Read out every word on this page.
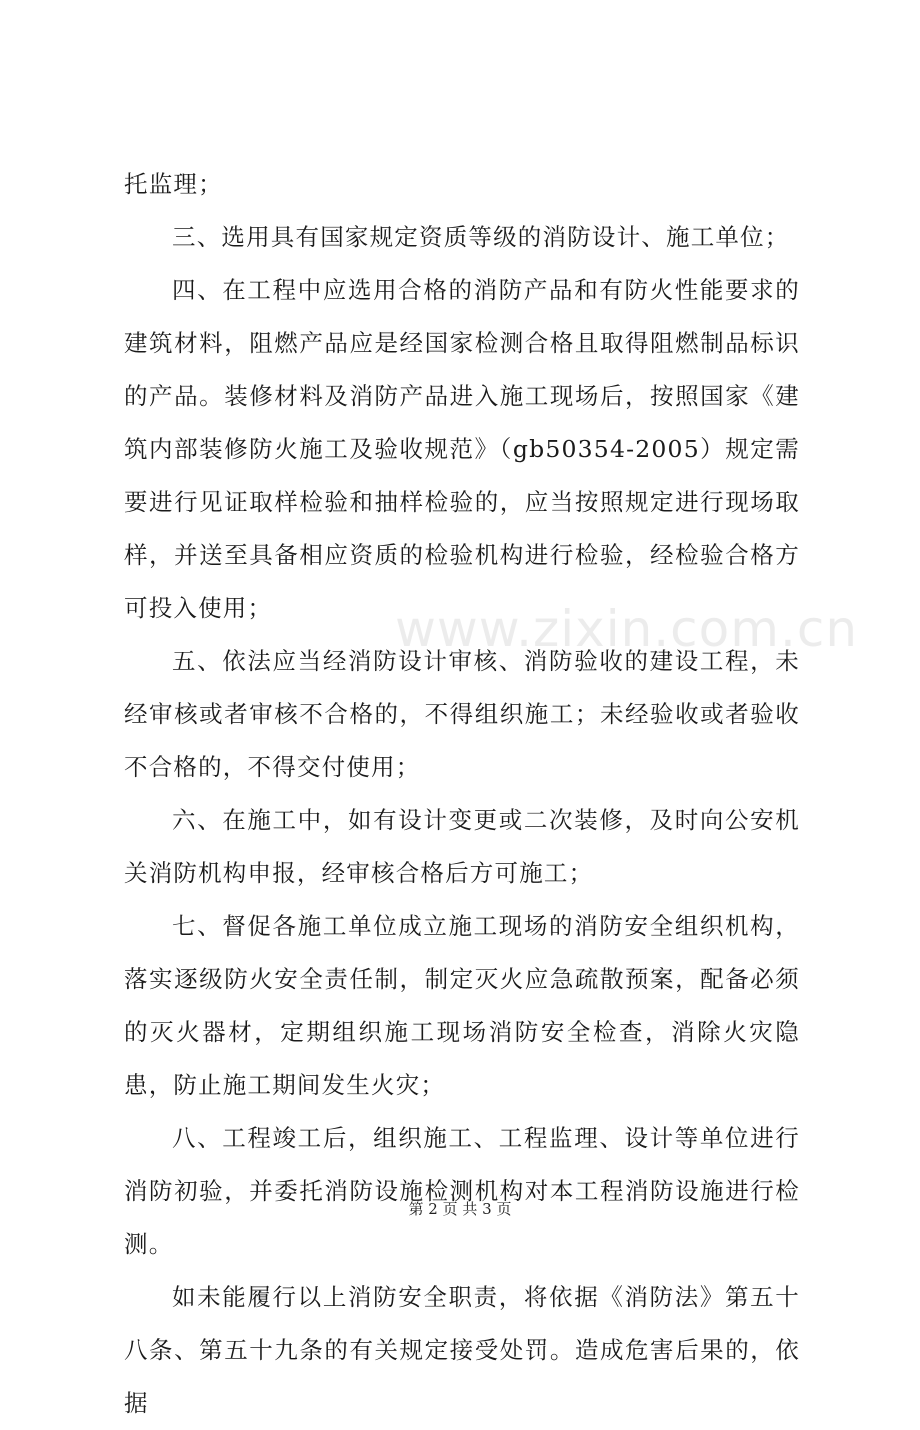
托监理；

三、选用具有国家规定资质等级的消防设计、施工单位；

四、在工程中应选用合格的消防产品和有防火性能要求的建筑材料，阻燃产品应是经国家检测合格且取得阻燃制品标识的产品。装修材料及消防产品进入施工现场后，按照国家《建筑内部装修防火施工及验收规范》（gb50354-2005）规定需要进行见证取样检验和抽样检验的，应当按照规定进行现场取样，并送至具备相应资质的检验机构进行检验，经检验合格方可投入使用；

五、依法应当经消防设计审核、消防验收的建设工程，未经审核或者审核不合格的，不得组织施工；未经验收或者验收不合格的，不得交付使用；

六、在施工中，如有设计变更或二次装修，及时向公安机关消防机构申报，经审核合格后方可施工；

七、督促各施工单位成立施工现场的消防安全组织机构，落实逐级防火安全责任制，制定灭火应急疏散预案，配备必须的灭火器材，定期组织施工现场消防安全检查，消除火灾隐患，防止施工期间发生火灾；

八、工程竣工后，组织施工、工程监理、设计等单位进行消防初验，并委托消防设施检测机构对本工程消防设施进行检测。

如未能履行以上消防安全职责，将依据《消防法》第五十八条、第五十九条的有关规定接受处罚。造成危害后果的，依据

www.zixin.com.cn
第 2 页 共 3 页
